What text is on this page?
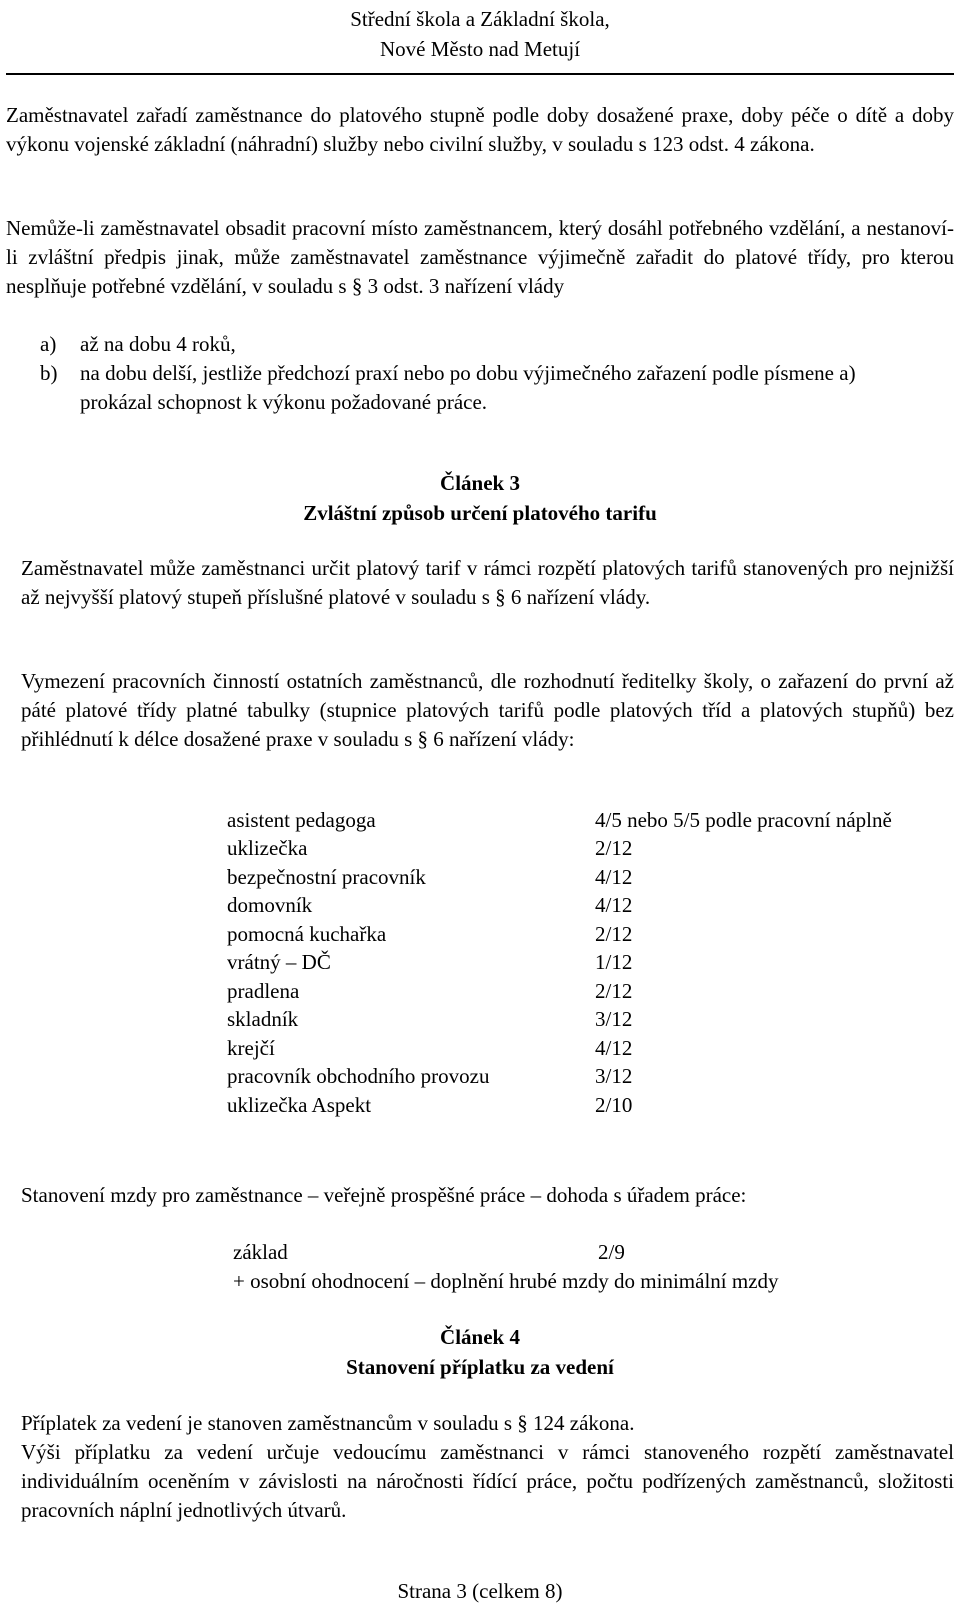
Střední škola a Základní škola,
Nové Město nad Metují

Zaměstnavatel zařadí zaměstnance do platového stupně podle doby dosažené praxe, doby péče o dítě a doby výkonu vojenské základní (náhradní) služby nebo civilní služby, v souladu s 123 odst. 4 zákona.

Nemůže-li zaměstnavatel obsadit pracovní místo zaměstnancem, který dosáhl potřebného vzdělání, a nestanoví-li zvláštní předpis jinak, může zaměstnavatel zaměstnance výjimečně zařadit do platové třídy, pro kterou nesplňuje potřebné vzdělání, v souladu s § 3 odst. 3 nařízení vlády

a) až na dobu 4 roků,
b) na dobu delší, jestliže předchozí praxí nebo po dobu výjimečného zařazení podle písmene a) prokázal schopnost k výkonu požadované práce.
Článek 3
Zvláštní způsob určení platového tarifu

Zaměstnavatel může zaměstnanci určit platový tarif v rámci rozpětí platových tarifů stanovených pro nejnižší až nejvyšší platový stupeň příslušné platové v souladu s § 6 nařízení vlády.

Vymezení pracovních činností ostatních zaměstnanců, dle rozhodnutí ředitelky školy, o zařazení do první až páté platové třídy platné tabulky (stupnice platových tarifů podle platových tříd a platových stupňů) bez přihlédnutí k délce dosažené praxe v souladu s § 6 nařízení vlády:

asistent pedagoga	4/5 nebo 5/5 podle pracovní náplně
uklizečka	2/12
bezpečnostní pracovník	4/12
domovník	4/12
pomocná kuchařka	2/12
vrátný – DČ	1/12
pradlena	2/12
skladník	3/12
krejčí	4/12
pracovník obchodního provozu	3/12
uklizečka Aspekt	2/10

Stanovení mzdy pro zaměstnance – veřejně prospěšné práce – dohoda s úřadem práce:

základ	2/9
+ osobní ohodnocení – doplnění hrubé mzdy do minimální mzdy
Článek 4
Stanovení příplatku za vedení

Příplatek za vedení je stanoven zaměstnancům v souladu s § 124 zákona.

Výši příplatku za vedení určuje vedoucímu zaměstnanci v rámci stanoveného rozpětí zaměstnavatel individuálním oceněním v závislosti na náročnosti řídící práce, počtu podřízených zaměstnanců, složitosti pracovních náplní jednotlivých útvarů.

Strana 3 (celkem 8)
